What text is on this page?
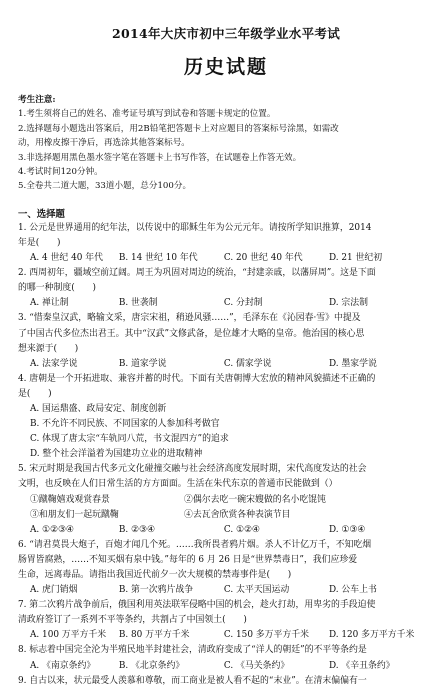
2014年大庆市初中三年级学业水平考试
历史试题
考生注意:
1.考生须将自己的姓名、准考证号填写到试卷和答题卡规定的位置。
2.选择题每小题选出答案后，用2B铅笔把答题卡上对应题目的答案标号涂黑，如需改
动，用橡皮擦干净后，再选涂其他答案标号。
3.非选择题用黑色墨水签字笔在答题卡上书写作答，在试题卷上作答无效。
4.考试时间120分钟。
5.全卷共二道大题，33道小题，总分100分。
一、选择题
1. 公元是世界通用的纪年法，以传说中的耶稣生年为公元元年。请按所学知识推算，2014
年是(　　)
A. 4 世纪 40 年代	B. 14 世纪 10 年代	C. 20 世纪 40 年代	D. 21 世纪初
2. 西周初年，疆域空前辽阔。周王为巩固对周边的统治，“封建亲戚，以藩屏周”。这是下面
的哪一种制度(　　)
A. 禅让制	B. 世袭制	C. 分封制	D. 宗法制
3. “惜秦皇汉武，略输文采，唐宗宋祖，稍逊风骚……”，毛泽东在《沁园春·雪》中提及
了中国古代多位杰出君王。其中“汉武”文修武备，是位雄才大略的皇帝。他治国的核心思
想来源于(　　)
A. 法家学说	B. 道家学说	C. 儒家学说	D. 墨家学说
4. 唐朝是一个开拓进取、兼容并蓄的时代。下面有关唐朝博大宏放的精神风貌描述不正确的
是(　　)
A. 国运鼎盛、政局安定、制度创新
B. 不允许不同民族、不同国家的人参加科考做官
C. 体现了唐太宗“车轨同八荒，书文混四方”的追求
D. 整个社会洋溢着为国建功立业的进取精神
5. 宋元时期是我国古代多元文化碰撞交融与社会经济高度发展时期，宋代高度发达的社会
文明，也反映在人们日常生活的方方面面。生活在朱代东京的普通市民能做到（）
①蹴鞠嬉戏观赏春景	②偶尔去吃一碗宋嫂做的名小吃馄饨
③和朋友们一起玩蹴鞠	④去瓦舍欣赏各种表演节目
A. ①②③④	B. ②③④	C. ①②④	D. ①③④
6. “请君莫畏大炮子，百炮才闻几个死。……我所畏者鸦片烟。杀人不计亿万千，不知吃烟
肠胃皆腐熟，……不知买烟有泉中钱。”每年的 6 月 26 日是“世界禁毒日”，我们应珍爱
生命，远离毒品。请指出我国近代前夕一次大规模的禁毒事件是(　　)
A. 虎门销烟	B. 第一次鸦片战争	C. 太平天国运动	D. 公车上书
7. 第二次鸦片战争前后，俄国利用英法联军侵略中国的机会，趁火打劫，用卑劣的手段迫使
清政府签订了一系列不平等条约，共割占了中国领土(　　)
A. 100 万平方千米	B. 80 万平方千米	C. 150 多万平方千米	D. 120 多万平方千米
8. 标志着中国完全沦为半殖民地半封建社会，清政府变成了“洋人的朝廷”的不平等条约是
A. 《南京条约》	B. 《北京条约》	C. 《马关条约》	D. 《辛丑条约》
9. 自古以来，状元最受人羡慕和尊敬，而工商业是被人看不起的“末业”。在清末偏偏有一
